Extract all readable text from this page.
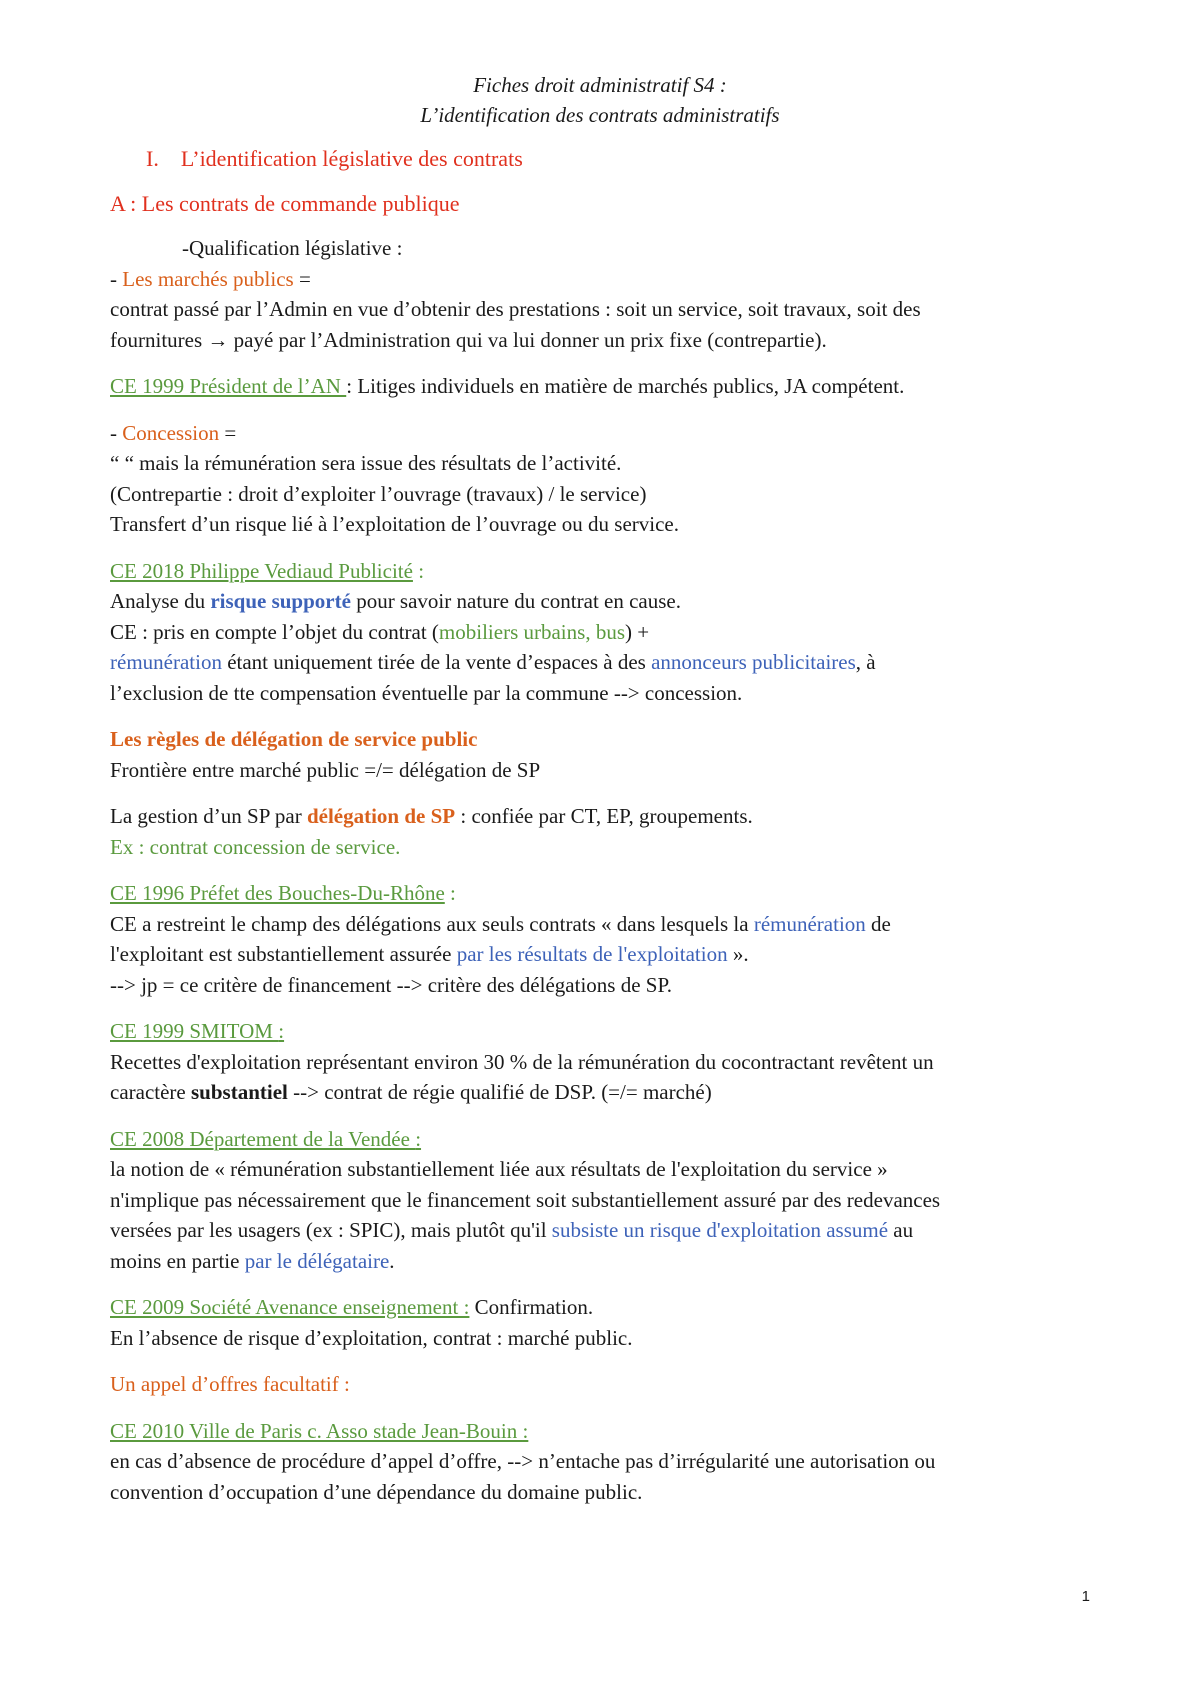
Fiches droit administratif S4 :

L’identification des contrats administratifs

I.    L’identification législative des contrats

A : Les contrats de commande publique

-Qualification législative :

- Les marchés publics =

contrat passé par l’Admin en vue d’obtenir des prestations : soit un service, soit travaux, soit des

fournitures → payé par l’Administration qui va lui donner un prix fixe (contrepartie).

CE 1999 Président de l’AN : Litiges individuels en matière de marchés publics, JA compétent.

- Concession =

“ “ mais la rémunération sera issue des résultats de l’activité.

(Contrepartie : droit d’exploiter l’ouvrage (travaux) / le service)

Transfert d’un risque lié à l’exploitation de l’ouvrage ou du service.

CE 2018 Philippe Vediaud Publicité :

Analyse du risque supporté pour savoir nature du contrat en cause.

CE : pris en compte l’objet du contrat (mobiliers urbains, bus) +

rémunération étant uniquement tirée de la vente d’espaces à des annonceurs publicitaires, à

l’exclusion de tte compensation éventuelle par la commune --> concession.

Les règles de délégation de service public

Frontière entre marché public =/= délégation de SP

La gestion d’un SP par délégation de SP : confiée par CT, EP, groupements.

Ex : contrat concession de service.

CE 1996 Préfet des Bouches-Du-Rhône :

CE a restreint le champ des délégations aux seuls contrats « dans lesquels la rémunération de

l'exploitant est substantiellement assurée par les résultats de l'exploitation ».

--> jp = ce critère de financement --> critère des délégations de SP.

CE 1999 SMITOM :

Recettes d'exploitation représentant environ 30 % de la rémunération du cocontractant revêtent un

caractère substantiel --> contrat de régie qualifié de DSP. (=/= marché)

CE 2008 Département de la Vendée :

la notion de « rémunération substantiellement liée aux résultats de l'exploitation du service »

n'implique pas nécessairement que le financement soit substantiellement assuré par des redevances

versées par les usagers (ex : SPIC), mais plutôt qu'il subsiste un risque d'exploitation assumé au

moins en partie par le délégataire.

CE 2009 Société Avenance enseignement : Confirmation.

En l’absence de risque d’exploitation, contrat : marché public.

Un appel d’offres facultatif :

CE 2010 Ville de Paris c. Asso stade Jean-Bouin :

en cas d’absence de procédure d’appel d’offre, --> n’entache pas d’irrégularité une autorisation ou

convention d’occupation d’une dépendance du domaine public.

1
